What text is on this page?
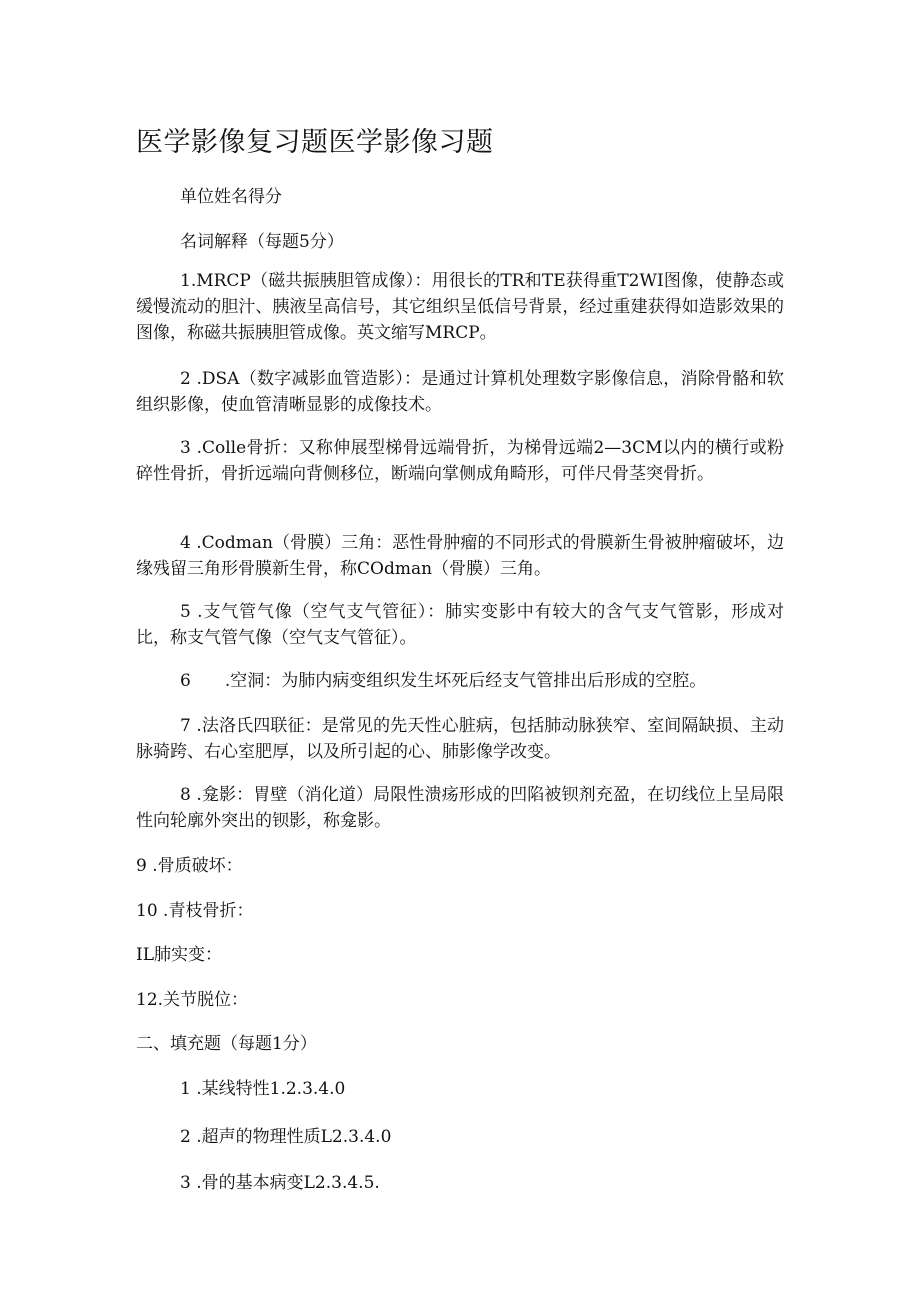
医学影像复习题医学影像习题

单位姓名得分

名词解释（每题5分）

1.MRCP（磁共振胰胆管成像）：用很长的TR和TE获得重T2WI图像，使静态或缓慢流动的胆汁、胰液呈高信号，其它组织呈低信号背景，经过重建获得如造影效果的图像，称磁共振胰胆管成像。英文缩写MRCP。

2 .DSA（数字减影血管造影）：是通过计算机处理数字影像信息，消除骨骼和软组织影像，使血管清晰显影的成像技术。

3 .Colle骨折：又称伸展型梯骨远端骨折，为梯骨远端2—3CM以内的横行或粉碎性骨折，骨折远端向背侧移位，断端向掌侧成角畸形，可伴尺骨茎突骨折。

4 .Codman（骨膜）三角：恶性骨肿瘤的不同形式的骨膜新生骨被肿瘤破坏，边缘残留三角形骨膜新生骨，称COdman（骨膜）三角。

5 .支气管气像（空气支气管征）：肺实变影中有较大的含气支气管影，形成对比，称支气管气像（空气支气管征）。

6　　.空洞：为肺内病变组织发生坏死后经支气管排出后形成的空腔。

7 .法洛氏四联征：是常见的先天性心脏病，包括肺动脉狭窄、室间隔缺损、主动脉骑跨、右心室肥厚，以及所引起的心、肺影像学改变。

8 .龛影：胃壁（消化道）局限性溃疡形成的凹陷被钡剂充盈，在切线位上呈局限性向轮廓外突出的钡影，称龛影。

9 .骨质破坏：

10 .青枝骨折：

IL肺实变：

12.关节脱位：

二、填充题（每题1分）

1 .某线特性1.2.3.4.0

2 .超声的物理性质L2.3.4.0

3 .骨的基本病变L2.3.4.5.
